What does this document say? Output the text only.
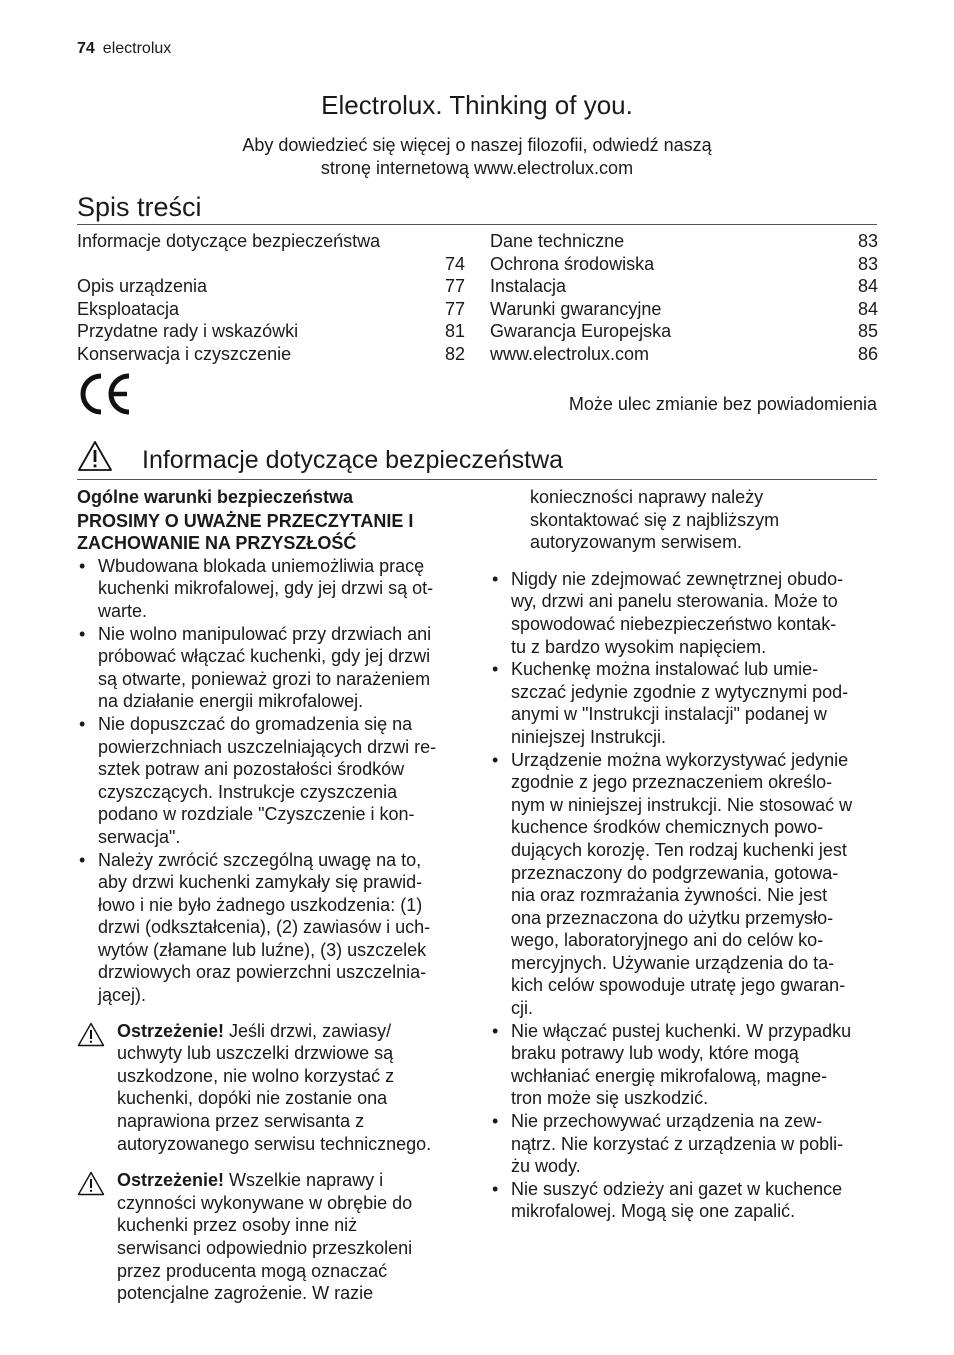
74 electrolux
Electrolux. Thinking of you.
Aby dowiedzieć się więcej o naszej filozofii, odwiedź naszą
stronę internetową www.electrolux.com
Spis treści
Informacje dotyczące bezpieczeństwa
74
Opis urządzenia	77
Eksploatacja	77
Przydatne rady i wskazówki	81
Konserwacja i czyszczenie	82
Dane techniczne	83
Ochrona środowiska	83
Instalacja	84
Warunki gwarancyjne	84
Gwarancja Europejska	85
www.electrolux.com	86
Może ulec zmianie bez powiadomienia
Informacje dotyczące bezpieczeństwa
Ogólne warunki bezpieczeństwa
PROSIMY O UWAŻNE PRZECZYTANIE I
ZACHOWANIE NA PRZYSZŁOŚĆ
• Wbudowana blokada uniemożliwia pracę
kuchenki mikrofalowej, gdy jej drzwi są ot-
warte.
• Nie wolno manipulować przy drzwiach ani
próbować włączać kuchenki, gdy jej drzwi
są otwarte, ponieważ grozi to narażeniem
na działanie energii mikrofalowej.
• Nie dopuszczać do gromadzenia się na
powierzchniach uszczelniających drzwi re-
sztek potraw ani pozostałości środków
czyszczących. Instrukcje czyszczenia
podano w rozdziale "Czyszczenie i kon-
serwacja".
• Należy zwrócić szczególną uwagę na to,
aby drzwi kuchenki zamykały się prawid-
łowo i nie było żadnego uszkodzenia: (1)
drzwi (odkształcenia), (2) zawiasów i uch-
wytów (złamane lub luźne), (3) uszczelek
drzwiowych oraz powierzchni uszczelnia-
jącej).
Ostrzeżenie! Jeśli drzwi, zawiasy/
uchwyty lub uszczelki drzwiowe są
uszkodzone, nie wolno korzystać z
kuchenki, dopóki nie zostanie ona
naprawiona przez serwisanta z
autoryzowanego serwisu technicznego.
Ostrzeżenie! Wszelkie naprawy i
czynności wykonywane w obrębie do
kuchenki przez osoby inne niż
serwisanci odpowiednio przeszkoleni
przez producenta mogą oznaczać
potencjalne zagrożenie. W razie
konieczności naprawy należy
skontaktować się z najbliższym
autoryzowanym serwisem.
• Nigdy nie zdejmować zewnętrznej obudo-
wy, drzwi ani panelu sterowania. Może to
spowodować niebezpieczeństwo kontak-
tu z bardzo wysokim napięciem.
• Kuchenkę można instalować lub umie-
szczać jedynie zgodnie z wytycznymi pod-
anymi w "Instrukcji instalacji" podanej w
niniejszej Instrukcji.
• Urządzenie można wykorzystywać jedynie
zgodnie z jego przeznaczeniem określo-
nym w niniejszej instrukcji. Nie stosować w
kuchence środków chemicznych powo-
dujących korozję. Ten rodzaj kuchenki jest
przeznaczony do podgrzewania, gotowa-
nia oraz rozmrażania żywności. Nie jest
ona przeznaczona do użytku przemysło-
wego, laboratoryjnego ani do celów ko-
mercyjnych. Używanie urządzenia do ta-
kich celów spowoduje utratę jego gwaran-
cji.
• Nie włączać pustej kuchenki. W przypadku
braku potrawy lub wody, które mogą
wchłaniać energię mikrofalową, magne-
tron może się uszkodzić.
• Nie przechowywać urządzenia na zew-
nątrz. Nie korzystać z urządzenia w pobli-
żu wody.
• Nie suszyć odzieży ani gazet w kuchence
mikrofalowej. Mogą się one zapalić.
